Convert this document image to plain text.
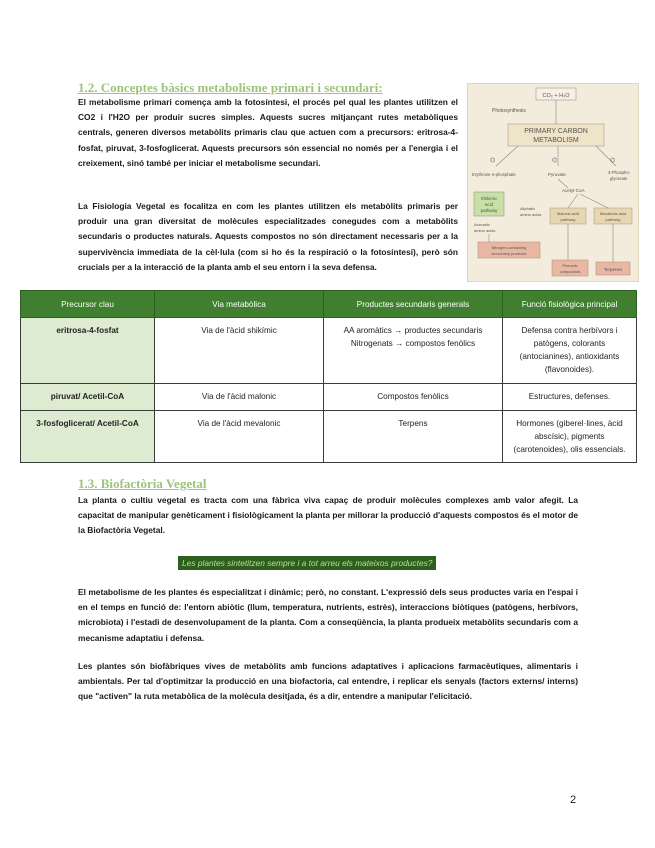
1.2. Conceptes bàsics metabolisme primari i secundari:
El metabolisme primari comença amb la fotosíntesi, el procés pel qual les plantes utilitzen el CO2 i l'H2O per produir sucres simples. Aquests sucres mitjançant rutes metabòliques centrals, generen diversos metabòlits primaris clau que actuen com a precursors: eritrosa-4-fosfat, piruvat, 3-fosfoglicerat. Aquests precursors són essencial no només per a l'energia i el creixement, sinó també per iniciar el metabolisme secundari.
La Fisiologia Vegetal es focalitza en com les plantes utilitzen els metabòlits primaris per produir una gran diversitat de molècules especialitzades conegudes com a metabòlits secundaris o productes naturals. Aquests compostos no són directament necessaris per a la supervivència immediata de la cèl·lula (com si ho és la respiració o la fotosíntesi), però són crucials per a la interacció de la planta amb el seu entorn i la seva defensa.
CO₂ + H₂O
Photosynthesis
PRIMARY CARBON
METABOLISM
⌬	⌬	⌬
Erythrose-4-phosphate	Pyruvate	3-Phospho-
glycerate
Acetyl-CoA
Shikimic
acid
pathway
Aromatic
amino acids
Aliphatic
amino acids	Malonic acid
pathway
Mevalonic acid
pathway
Nitrogen-containing
secondary products
Phenolic
compounds	Terpenes
Precursor clau	Via metabòlica	Productes secundaris generals	Funció fisiològica principal
eritrosa-4-fosfat	Via de l'àcid shikímic	AA aromàtics → productes secundaris Nitrogenats → compostos fenòlics	Defensa contra herbívors i patògens, colorants (antocianines), antioxidants (flavonoides).
piruvat/ Acetil-CoA	Via de l'àcid malonic	Compostos fenòlics	Estructures, defenses.
3-fosfoglicerat/ Acetil-CoA	Via de l'àcid mevalonic	Terpens	Hormones (giberel·lines, àcid abscísic), pigments (carotenoides), olis essencials.
1.3. Biofactòria Vegetal
La planta o cultiu vegetal es tracta com una fàbrica viva capaç de produir molècules complexes amb valor afegit. La capacitat de manipular genèticament i fisiològicament la planta per millorar la producció d'aquests compostos és el motor de la Biofactòria Vegetal.
Les plantes sintetitzen sempre i a tot arreu els mateixos productes?
El metabolisme de les plantes és especialitzat i dinàmic; però, no constant. L'expressió dels seus productes varia en l'espai i en el temps en funció de: l'entorn abiòtic (llum, temperatura, nutrients, estrès), interaccions biòtiques (patògens, herbívors, microbiota) i l'estadi de desenvolupament de la planta. Com a conseqüència, la planta produeix metabòlits secundaris com a mecanisme adaptatiu i defensa.
Les plantes són biofàbriques vives de metabòlits amb funcions adaptatives i aplicacions farmacèutiques, alimentaris i ambientals. Per tal d'optimitzar la producció en una biofactoria, cal entendre, i replicar els senyals (factors externs/ interns) que "activen" la ruta metabòlica de la molècula desitjada, és a dir, entendre a manipular l'elicitació.
2
